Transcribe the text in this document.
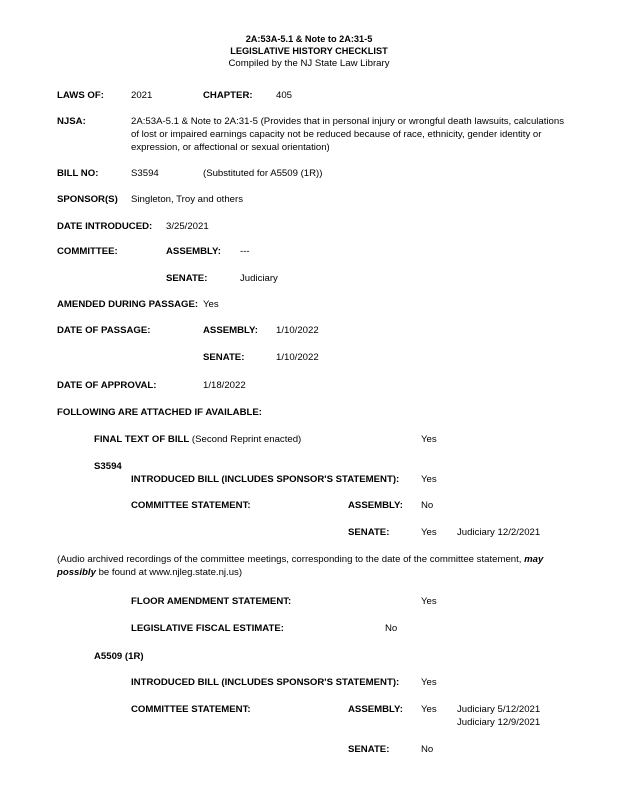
2A:53A-5.1 & Note to 2A:31-5
LEGISLATIVE HISTORY CHECKLIST
Compiled by the NJ State Law Library
LAWS OF:	2021	CHAPTER: 405
NJSA:	2A:53A-5.1 & Note to 2A:31-5 (Provides that in personal injury or wrongful death lawsuits, calculations
of lost or impaired earnings capacity not be reduced because of race, ethnicity, gender identity or
expression, or affectional or sexual orientation)
BILL NO:	S3594	(Substituted for A5509 (1R))
SPONSOR(S) Singleton, Troy and others
DATE INTRODUCED: 3/25/2021
COMMITTEE:	ASSEMBLY: ---
SENATE:	Judiciary
AMENDED DURING PASSAGE: Yes
DATE OF PASSAGE:	ASSEMBLY: 1/10/2022
SENATE:	1/10/2022
DATE OF APPROVAL:	1/18/2022
FOLLOWING ARE ATTACHED IF AVAILABLE:
FINAL TEXT OF BILL (Second Reprint enacted)	Yes
S3594
INTRODUCED BILL (INCLUDES SPONSOR'S STATEMENT): Yes
COMMITTEE STATEMENT:	ASSEMBLY: No
SENATE:	Yes Judiciary 12/2/2021
(Audio archived recordings of the committee meetings, corresponding to the date of the committee statement, may
possibly be found at www.njleg.state.nj.us)
FLOOR AMENDMENT STATEMENT:	Yes
LEGISLATIVE FISCAL ESTIMATE:	No
A5509 (1R)
INTRODUCED BILL (INCLUDES SPONSOR'S STATEMENT): Yes
COMMITTEE STATEMENT:	ASSEMBLY: Yes Judiciary 5/12/2021
Judiciary 12/9/2021
SENATE:	No
